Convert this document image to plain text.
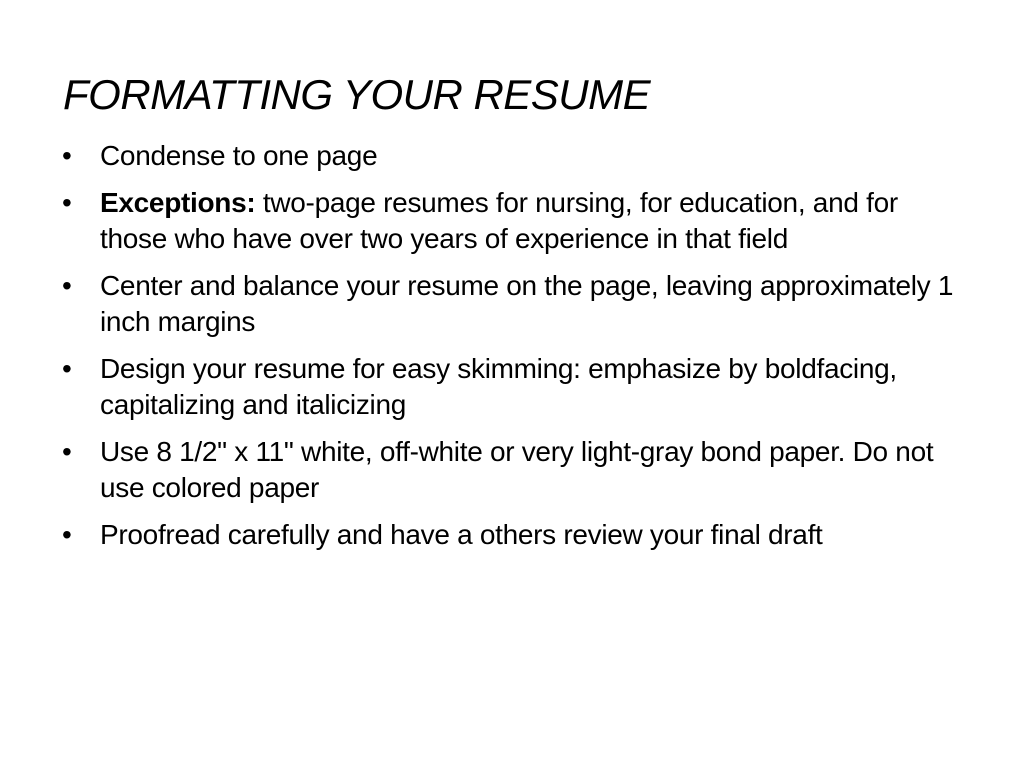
FORMATTING YOUR RESUME
•	Condense to one page
•	Exceptions: two-page resumes for nursing, for education, and for those who have over two years of experience in that field
•	Center and balance your resume on the page, leaving approximately 1 inch margins
•	Design your resume for easy skimming: emphasize by boldfacing, capitalizing and italicizing
•	Use 8 1/2" x 11" white, off-white or very light-gray bond paper. Do not use colored paper
•	Proofread carefully and have a others review your final draft
